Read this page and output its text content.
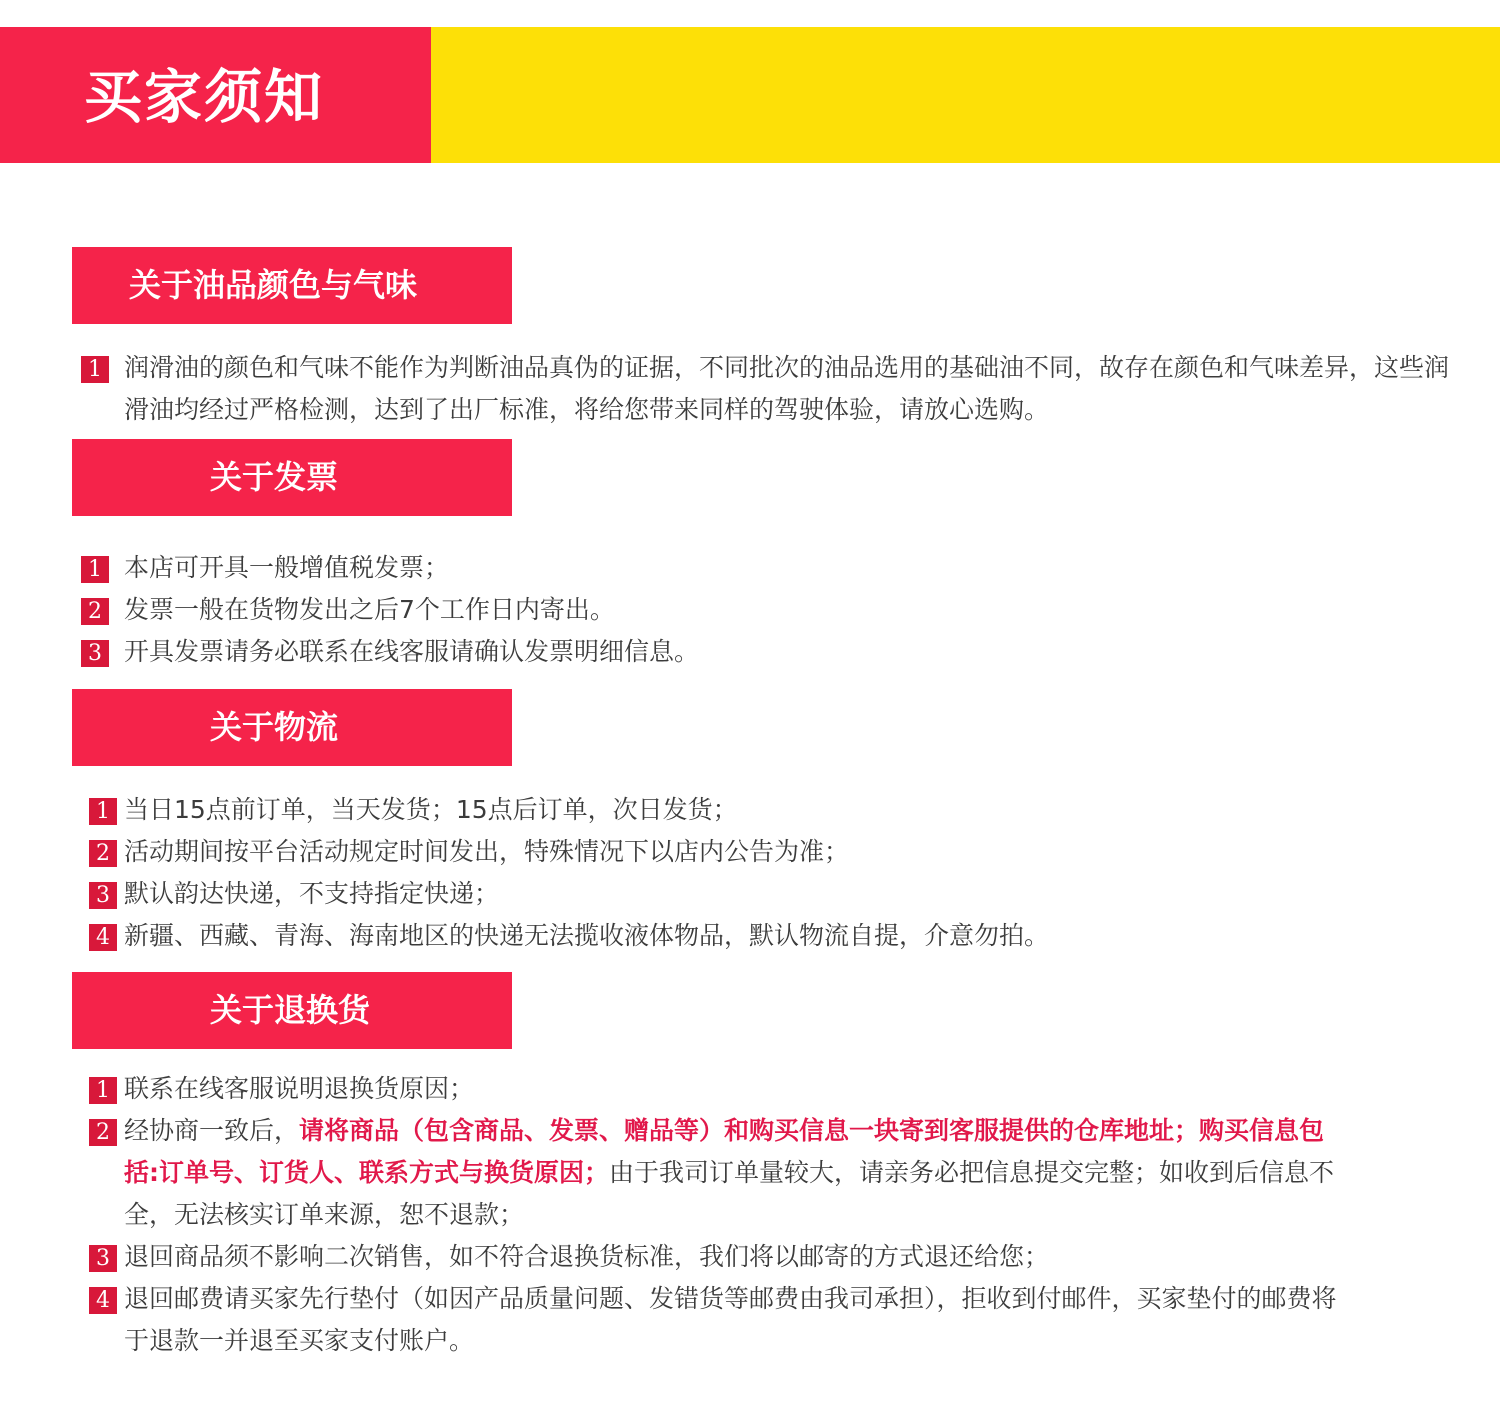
买家须知
关于油品颜色与气味
1 润滑油的颜色和气味不能作为判断油品真伪的证据，不同批次的油品选用的基础油不同，故存在颜色和气味差异，这些润滑油均经过严格检测，达到了出厂标准，将给您带来同样的驾驶体验，请放心选购。

关于发票
1 本店可开具一般增值税发票；

2 发票一般在货物发出之后7个工作日内寄出。

3 开具发票请务必联系在线客服请确认发票明细信息。

关于物流
1 当日15点前订单，当天发货；15点后订单，次日发货；

2 活动期间按平台活动规定时间发出，特殊情况下以店内公告为准；

3 默认韵达快递，不支持指定快递；

4 新疆、西藏、青海、海南地区的快递无法揽收液体物品，默认物流自提，介意勿拍。

关于退换货
1 联系在线客服说明退换货原因；

2 经协商一致后，请将商品（包含商品、发票、赠品等）和购买信息一块寄到客服提供的仓库地址；购买信息包括:订单号、订货人、联系方式与换货原因；由于我司订单量较大，请亲务必把信息提交完整；如收到后信息不全，无法核实订单来源，恕不退款；

3 退回商品须不影响二次销售，如不符合退换货标准，我们将以邮寄的方式退还给您；

4 退回邮费请买家先行垫付（如因产品质量问题、发错货等邮费由我司承担），拒收到付邮件，买家垫付的邮费将于退款一并退至买家支付账户。
